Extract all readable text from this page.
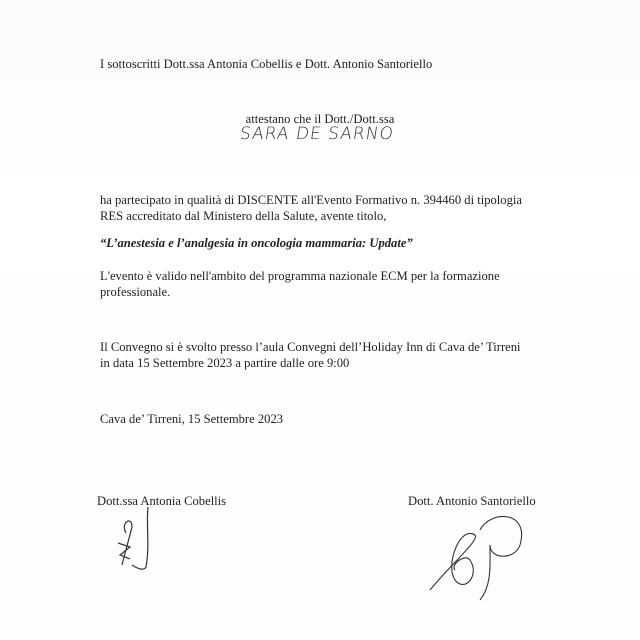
I sottoscritti Dott.ssa Antonia Cobellis e Dott. Antonio Santoriello
attestano che il Dott./Dott.ssa
SARA DE SARNO
ha partecipato in qualità di DISCENTE all'Evento Formativo n. 394460 di tipologia
RES accreditato dal Ministero della Salute, avente titolo,
“L’anestesia e l’analgesia in oncologia mammaria: Update”
L'evento è valido nell'ambito del programma nazionale ECM per la formazione
professionale.
Il Convegno si è svolto presso l’aula Convegni dell’Holiday Inn di Cava de’ Tirreni
in data 15 Settembre 2023 a partire dalle ore 9:00
Cava de’ Tirreni, 15 Settembre 2023
Dott.ssa Antonia Cobellis	Dott. Antonio Santoriello
